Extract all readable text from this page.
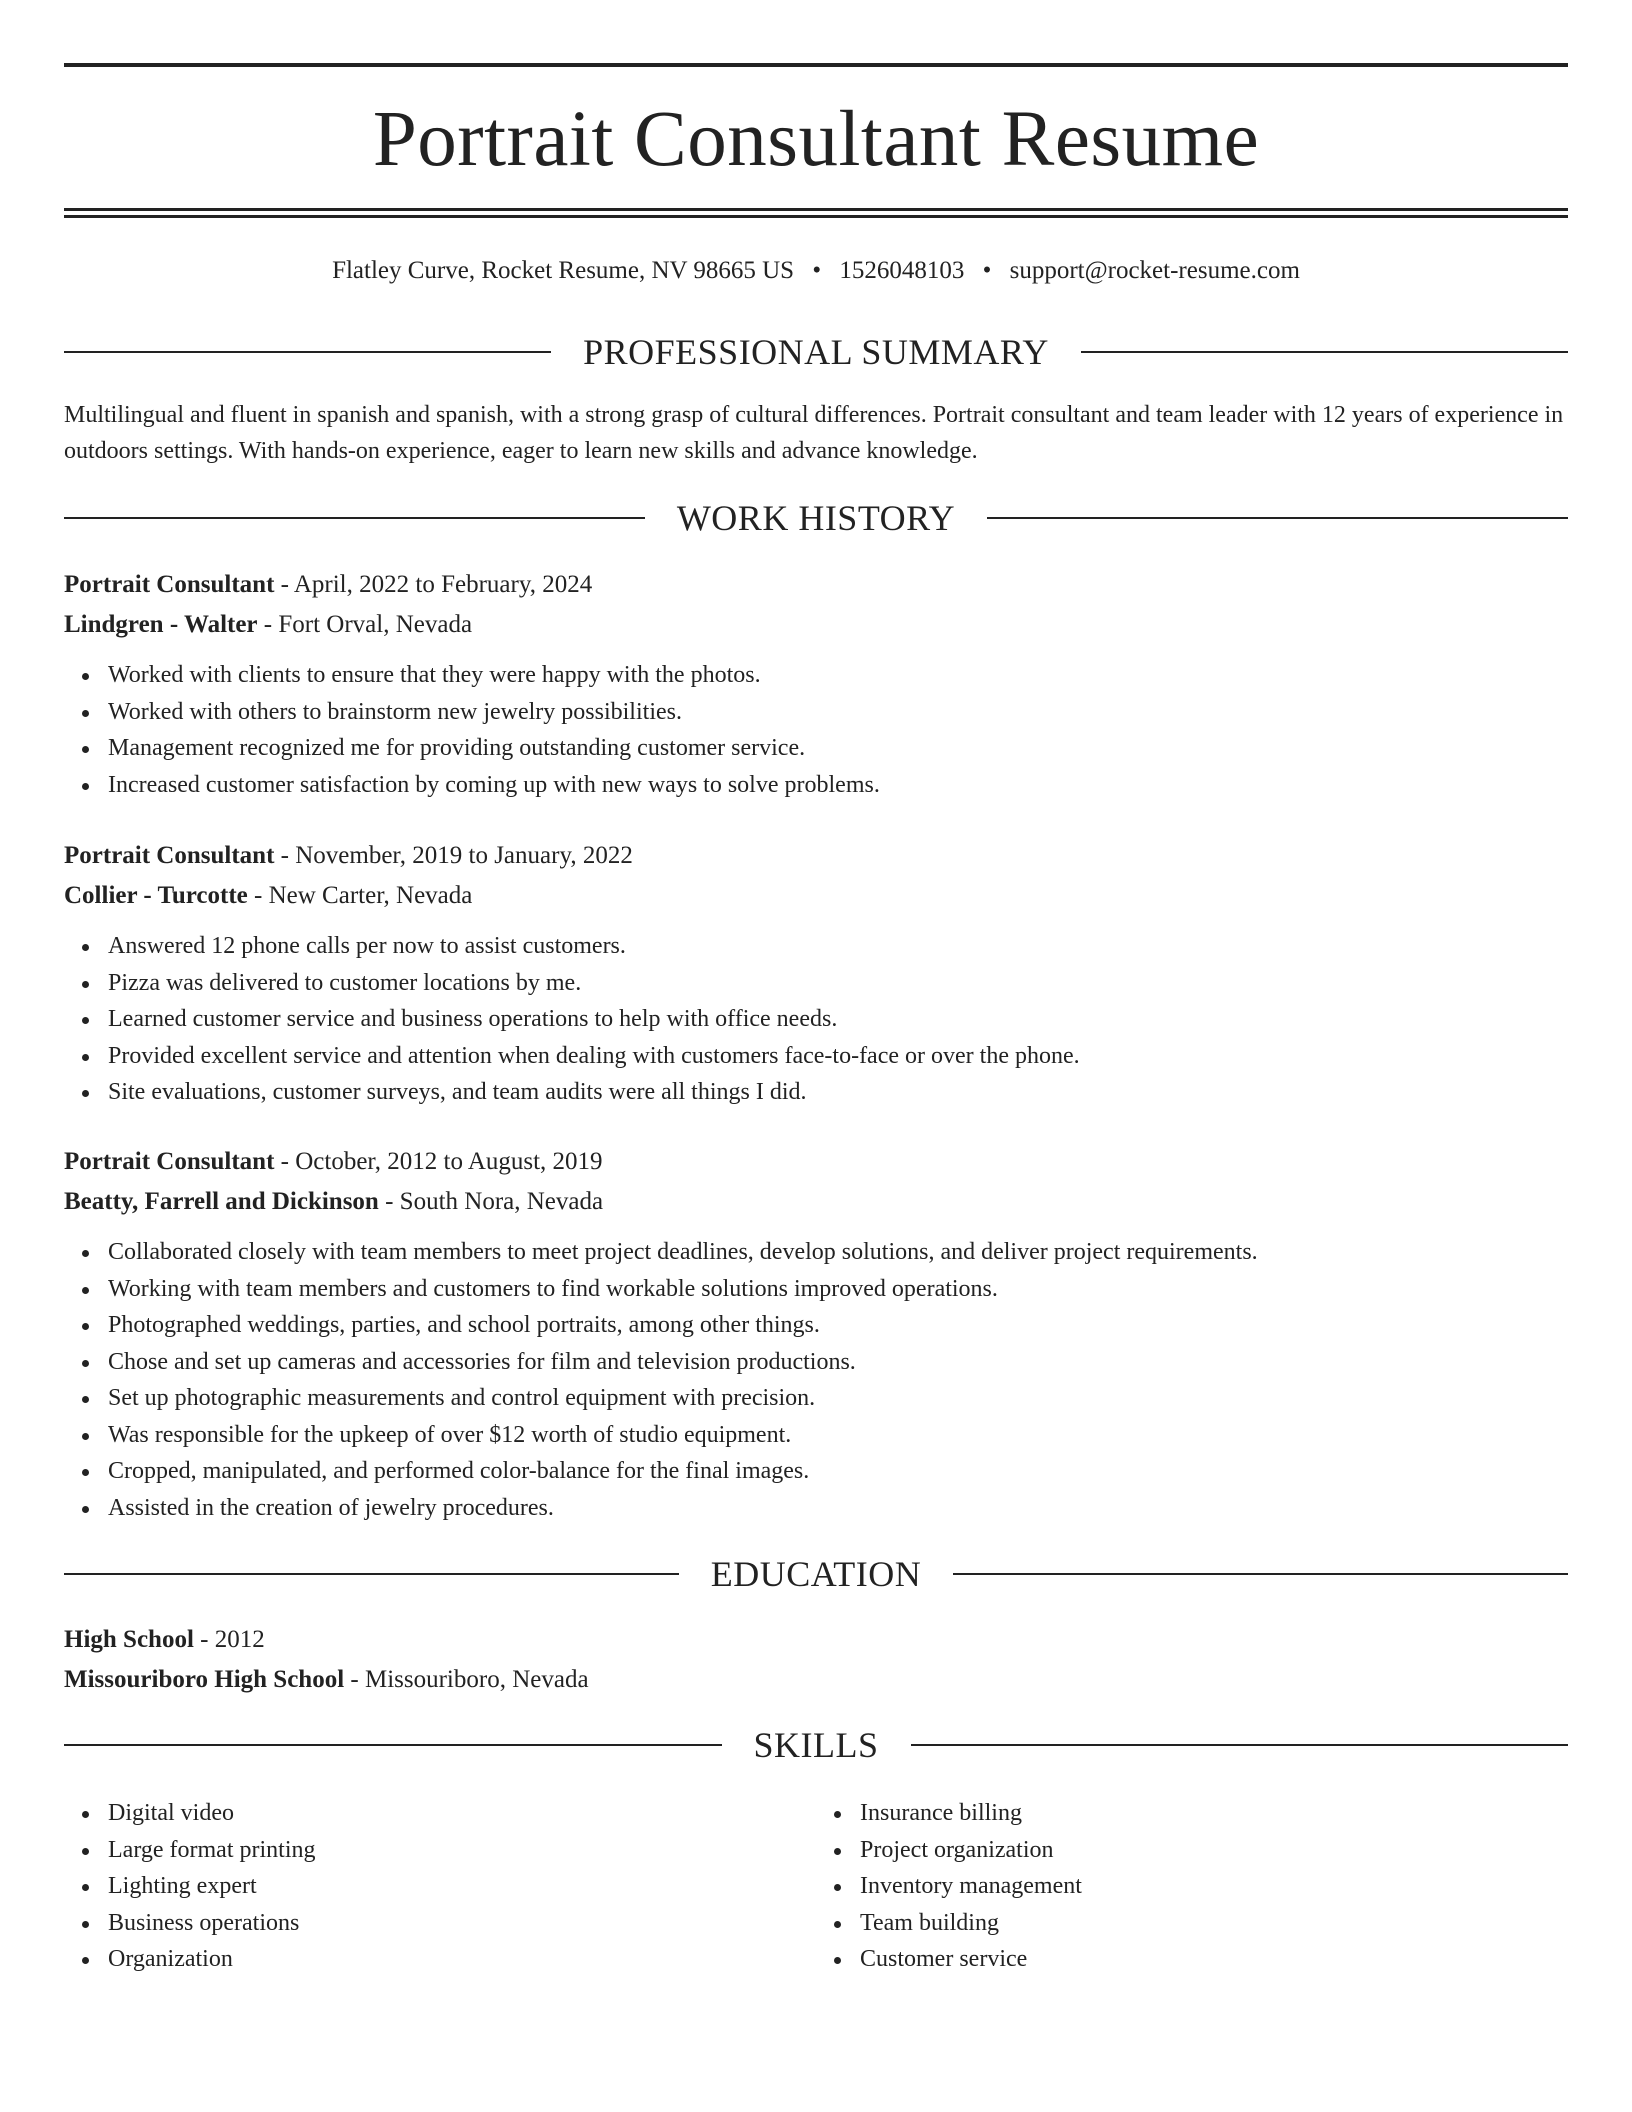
Portrait Consultant Resume
Flatley Curve, Rocket Resume, NV 98665 US • 1526048103 • support@rocket-resume.com
PROFESSIONAL SUMMARY

Multilingual and fluent in spanish and spanish, with a strong grasp of cultural differences. Portrait consultant and team leader with 12 years of experience in outdoors settings. With hands-on experience, eager to learn new skills and advance knowledge.

WORK HISTORY

Portrait Consultant - April, 2022 to February, 2024

Lindgren - Walter - Fort Orval, Nevada

Worked with clients to ensure that they were happy with the photos.
Worked with others to brainstorm new jewelry possibilities.
Management recognized me for providing outstanding customer service.
Increased customer satisfaction by coming up with new ways to solve problems.

Portrait Consultant - November, 2019 to January, 2022

Collier - Turcotte - New Carter, Nevada

Answered 12 phone calls per now to assist customers.
Pizza was delivered to customer locations by me.
Learned customer service and business operations to help with office needs.
Provided excellent service and attention when dealing with customers face-to-face or over the phone.
Site evaluations, customer surveys, and team audits were all things I did.

Portrait Consultant - October, 2012 to August, 2019

Beatty, Farrell and Dickinson - South Nora, Nevada

Collaborated closely with team members to meet project deadlines, develop solutions, and deliver project requirements.
Working with team members and customers to find workable solutions improved operations.
Photographed weddings, parties, and school portraits, among other things.
Chose and set up cameras and accessories for film and television productions.
Set up photographic measurements and control equipment with precision.
Was responsible for the upkeep of over $12 worth of studio equipment.
Cropped, manipulated, and performed color-balance for the final images.
Assisted in the creation of jewelry procedures.
EDUCATION

High School - 2012

Missouriboro High School - Missouriboro, Nevada

SKILLS
Digital video
Large format printing
Lighting expert
Business operations
Organization
Insurance billing
Project organization
Inventory management
Team building
Customer service
